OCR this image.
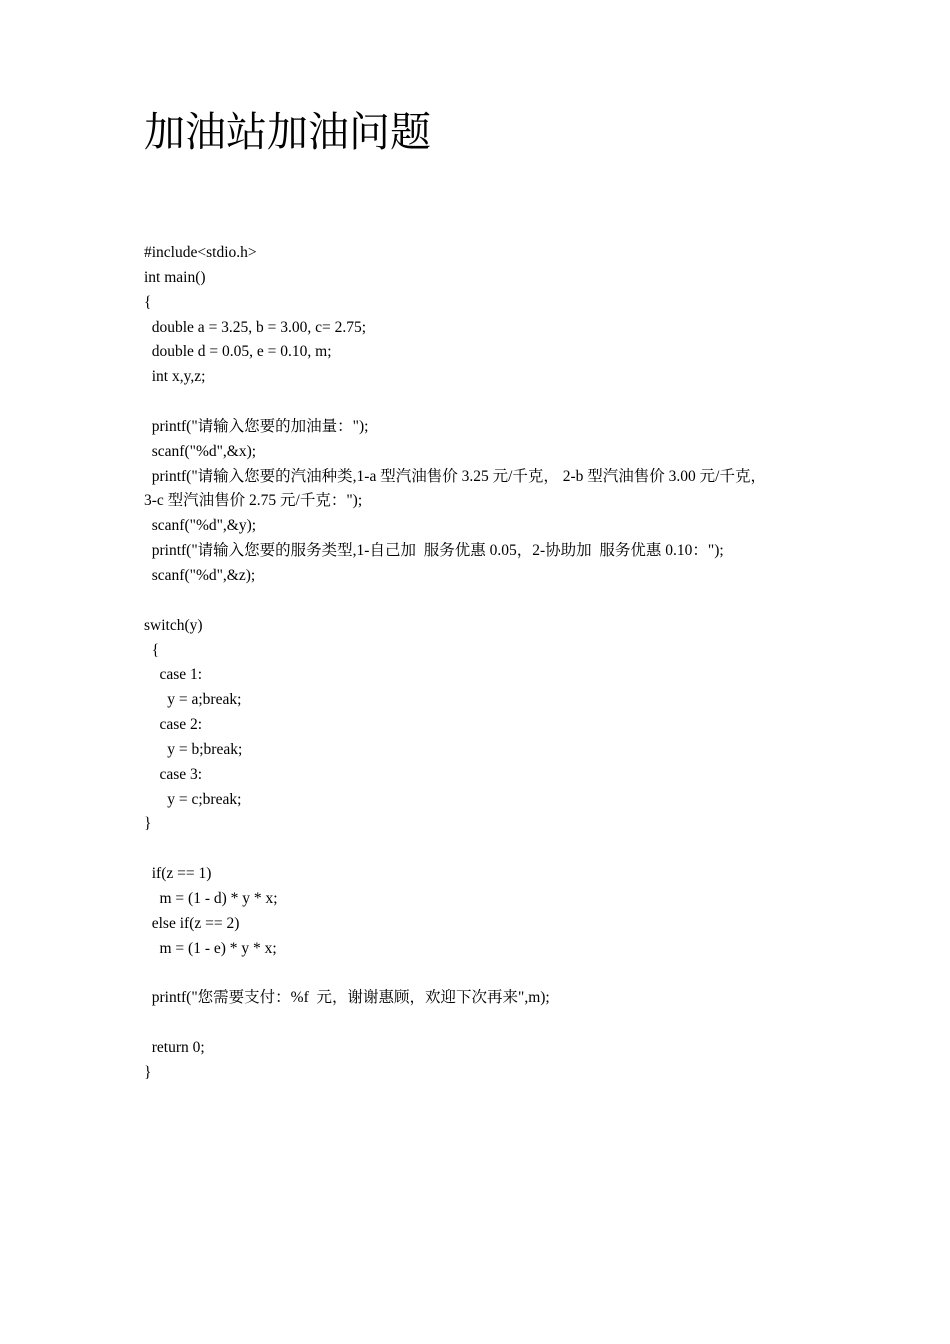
加油站加油问题
#include<stdio.h>
int main()
{
double a = 3.25, b = 3.00, c= 2.75;
double d = 0.05, e = 0.10, m;
int x,y,z;
printf("请输入您要的加油量：");
scanf("%d",&x);
printf("请输入您要的汽油种类,1-a 型汽油售价 3.25 元/千克， 2-b 型汽油售价 3.00 元/千克，
3-c 型汽油售价 2.75 元/千克：");
scanf("%d",&y);
printf("请输入您要的服务类型,1-自己加  服务优惠 0.05，2-协助加  服务优惠 0.10：");
scanf("%d",&z);
switch(y)
{
case 1:
y = a;break;
case 2:
y = b;break;
case 3:
y = c;break;
}
if(z == 1)
m = (1 - d) * y * x;
else if(z == 2)
m = (1 - e) * y * x;
printf("您需要支付：%f  元，谢谢惠顾，欢迎下次再来",m);
return 0;
}
